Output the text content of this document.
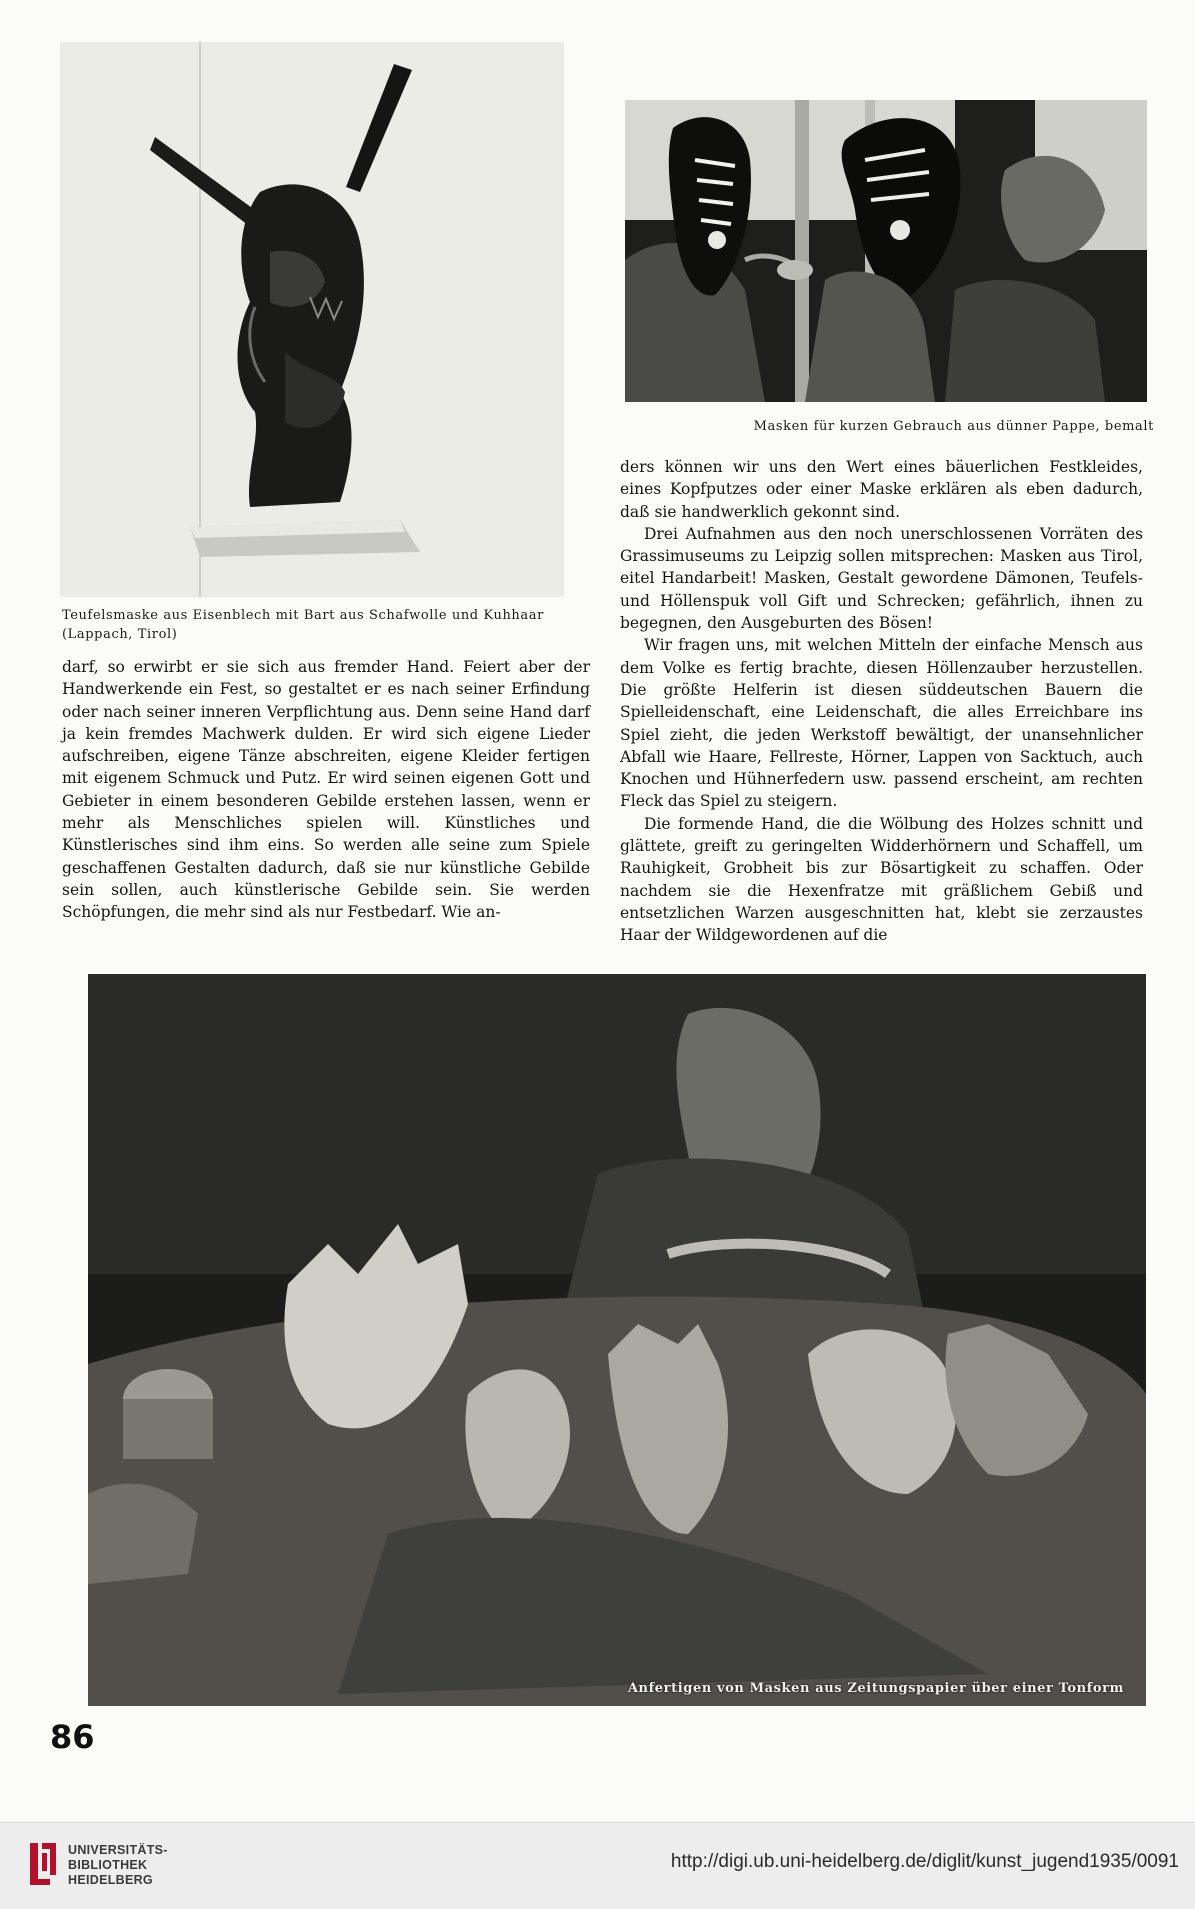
Masken für kurzen Gebrauch aus dünner Pappe, bemalt

Teufelsmaske aus Eisenblech mit Bart aus Schafwolle und Kuhhaar (Lappach, Tirol)

darf, so erwirbt er sie sich aus fremder Hand. Feiert aber der Handwerkende ein Fest, so gestaltet er es nach seiner Erfindung oder nach seiner inneren Verpflichtung aus. Denn seine Hand darf ja kein fremdes Machwerk dulden. Er wird sich eigene Lieder aufschreiben, eigene Tänze abschreiten, eigene Kleider fertigen mit eigenem Schmuck und Putz. Er wird seinen eigenen Gott und Gebieter in einem besonderen Gebilde erstehen lassen, wenn er mehr als Menschliches spielen will. Künstliches und Künstlerisches sind ihm eins. So werden alle seine zum Spiele geschaffenen Gestalten dadurch, daß sie nur künstliche Gebilde sein sollen, auch künstlerische Gebilde sein. Sie werden Schöpfungen, die mehr sind als nur Festbedarf. Wie an-

ders können wir uns den Wert eines bäuerlichen Festkleides, eines Kopfputzes oder einer Maske erklären als eben dadurch, daß sie handwerklich gekonnt sind.

Drei Aufnahmen aus den noch unerschlossenen Vorräten des Grassimuseums zu Leipzig sollen mitsprechen: Masken aus Tirol, eitel Handarbeit! Masken, Gestalt gewordene Dämonen, Teufels- und Höllenspuk voll Gift und Schrecken; gefährlich, ihnen zu begegnen, den Ausgeburten des Bösen!

Wir fragen uns, mit welchen Mitteln der einfache Mensch aus dem Volke es fertig brachte, diesen Höllenzauber herzustellen. Die größte Helferin ist diesen süddeutschen Bauern die Spielleidenschaft, eine Leidenschaft, die alles Erreichbare ins Spiel zieht, die jeden Werkstoff bewältigt, der unansehnlicher Abfall wie Haare, Fellreste, Hörner, Lappen von Sacktuch, auch Knochen und Hühnerfedern usw. passend erscheint, am rechten Fleck das Spiel zu steigern.

Die formende Hand, die die Wölbung des Holzes schnitt und glättete, greift zu geringelten Widderhörnern und Schaffell, um Rauhigkeit, Grobheit bis zur Bösartigkeit zu schaffen. Oder nachdem sie die Hexenfratze mit gräßlichem Gebiß und entsetzlichen Warzen ausgeschnitten hat, klebt sie zerzaustes Haar der Wildgewordenen auf die

Anfertigen von Masken aus Zeitungspapier über einer Tonform

86
UNIVERSITÄTS-
BIBLIOTHEK
HEIDELBERG
http://digi.ub.uni-heidelberg.de/diglit/kunst_jugend1935/0091
